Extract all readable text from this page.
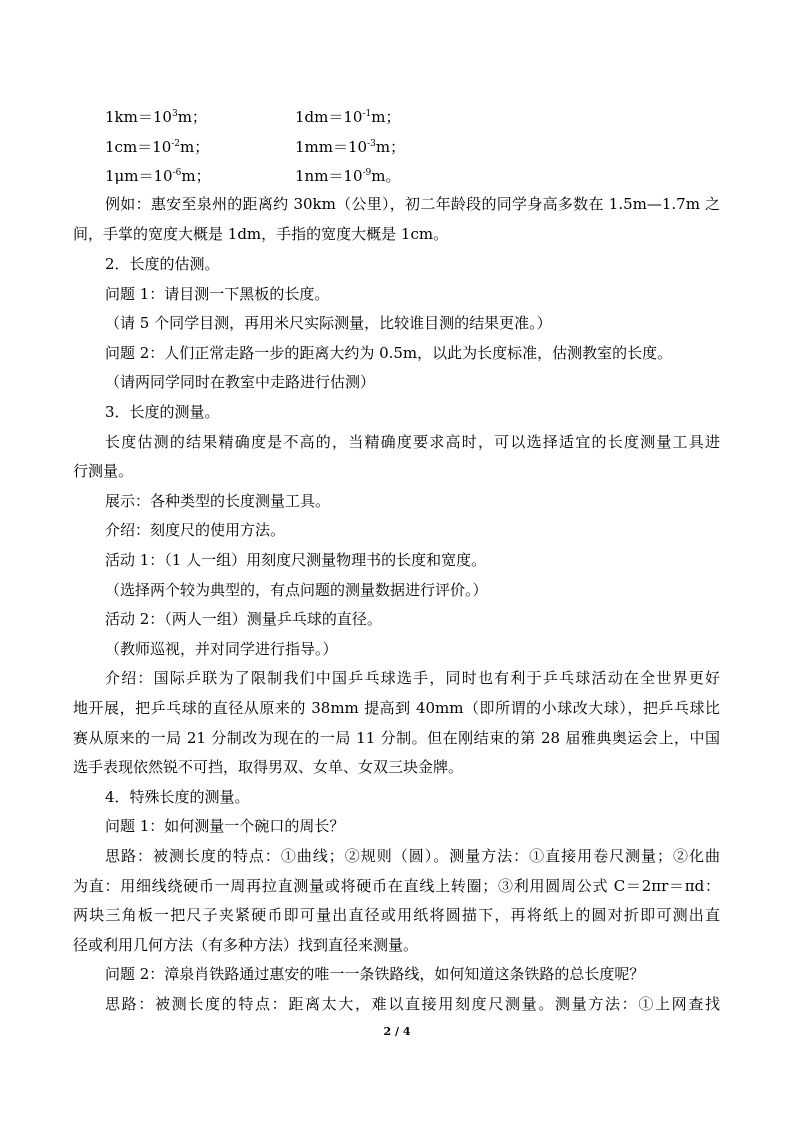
$1km=10^3m$；	$1dm=10^{-1}m$；
$1cm=10^{-2}m$；	$1mm=10^{-3}m$；
$1\mu m=10^{-6}m$；	$1nm=10^{-9}m$。
例如：惠安至泉州的距离约 30km（公里），初二年龄段的同学身高多数在 1.5m—1.7m 之
间，手掌的宽度大概是 1dm，手指的宽度大概是 1cm。
2．长度的估测。
问题 1：请目测一下黑板的长度。
（请 5 个同学目测，再用米尺实际测量，比较谁目测的结果更准。）
问题 2：人们正常走路一步的距离大约为 0.5m，以此为长度标准，估测教室的长度。
（请两同学同时在教室中走路进行估测）
3．长度的测量。
长度估测的结果精确度是不高的，当精确度要求高时，可以选择适宜的长度测量工具进
行测量。
展示：各种类型的长度测量工具。
介绍：刻度尺的使用方法。
活动 1：（1 人一组）用刻度尺测量物理书的长度和宽度。
（选择两个较为典型的，有点问题的测量数据进行评价。）
活动 2：（两人一组）测量乒乓球的直径。
（教师巡视，并对同学进行指导。）
介绍：国际乒联为了限制我们中国乒乓球选手，同时也有利于乒乓球活动在全世界更好
地开展，把乒乓球的直径从原来的 38mm 提高到 40mm（即所谓的小球改大球），把乒乓球比
赛从原来的一局 21 分制改为现在的一局 11 分制。但在刚结束的第 28 届雅典奥运会上，中国
选手表现依然锐不可挡，取得男双、女单、女双三块金牌。
4．特殊长度的测量。
问题 1：如何测量一个碗口的周长？
思路：被测长度的特点：①曲线；②规则（圆）。测量方法：①直接用卷尺测量；②化曲
为直：用细线绕硬币一周再拉直测量或将硬币在直线上转圈；③利用圆周公式 C＝2πr＝πd：
两块三角板一把尺子夹紧硬币即可量出直径或用纸将圆描下，再将纸上的圆对折即可测出直
径或利用几何方法（有多种方法）找到直径来测量。
问题 2：漳泉肖铁路通过惠安的唯一一条铁路线，如何知道这条铁路的总长度呢？
思路：被测长度的特点：距离太大，难以直接用刻度尺测量。测量方法：①上网查找
2 / 4
